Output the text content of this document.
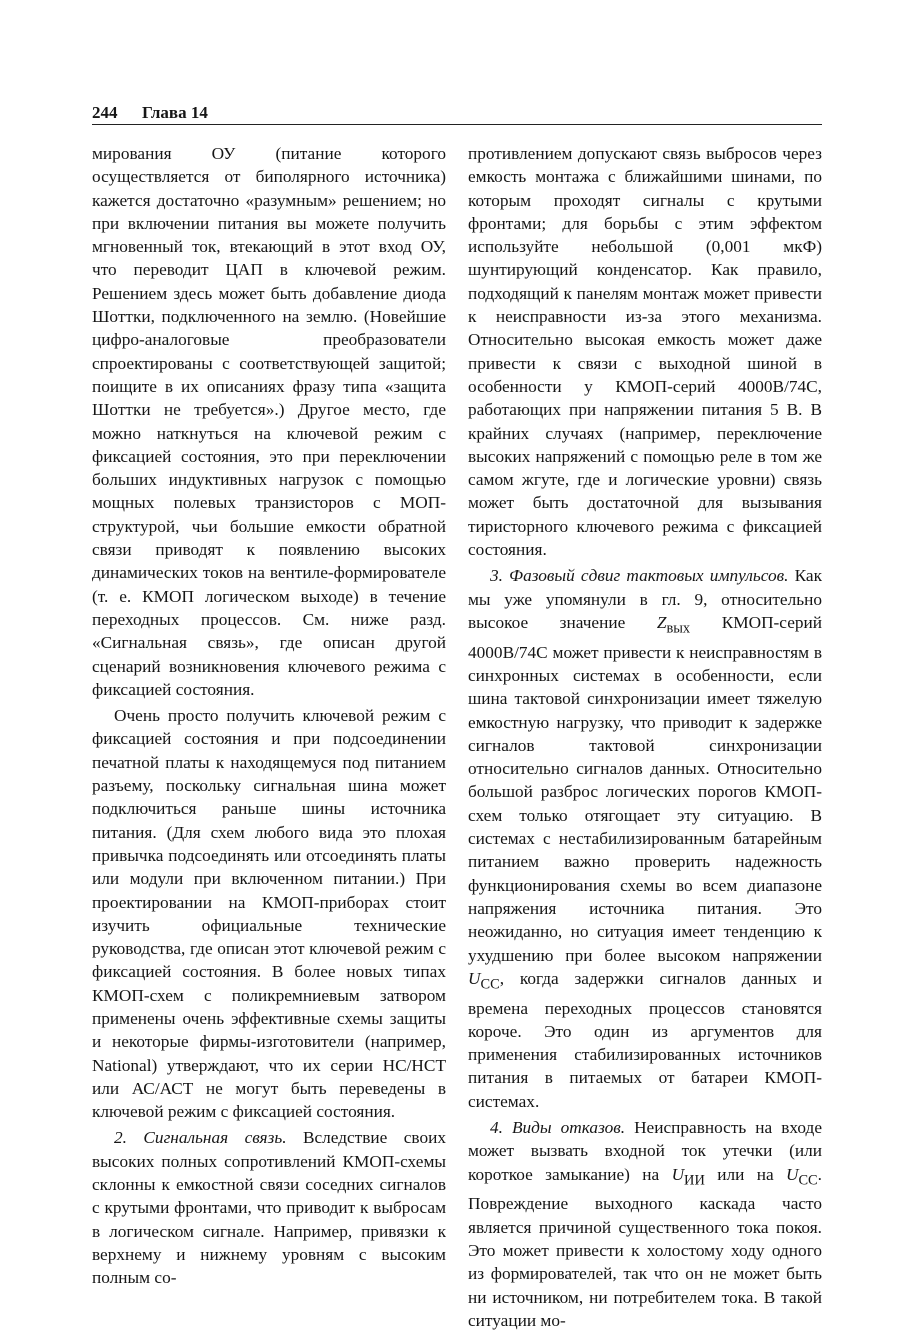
244 Глава 14

мирования ОУ (питание которого осуществляется от биполярного источника) кажется достаточно «разумным» решением; но при включении питания вы можете получить мгновенный ток, втекающий в этот вход ОУ, что переводит ЦАП в ключевой режим. Решением здесь может быть добавление диода Шоттки, подключенного на землю. (Новейшие цифро-аналоговые преобразователи спроектированы с соответствующей защитой; поищите в их описаниях фразу типа «защита Шоттки не требуется».) Другое место, где можно наткнуться на ключевой режим с фиксацией состояния, это при переключении больших индуктивных нагрузок с помощью мощных полевых транзисторов с МОП-структурой, чьи большие емкости обратной связи приводят к появлению высоких динамических токов на вентиле-формирователе (т. е. КМОП логическом выходе) в течение переходных процессов. См. ниже разд. «Сигнальная связь», где описан другой сценарий возникновения ключевого режима с фиксацией состояния.

Очень просто получить ключевой режим с фиксацией состояния и при подсоединении печатной платы к находящемуся под питанием разъему, поскольку сигнальная шина может подключиться раньше шины источника питания. (Для схем любого вида это плохая привычка подсоединять или отсоединять платы или модули при включенном питании.) При проектировании на КМОП-приборах стоит изучить официальные технические руководства, где описан этот ключевой режим с фиксацией состояния. В более новых типах КМОП-схем с поликремниевым затвором применены очень эффективные схемы защиты и некоторые фирмы-изготовители (например, National) утверждают, что их серии НС/НСТ или АС/АСТ не могут быть переведены в ключевой режим с фиксацией состояния.

2. Сигнальная связь. Вследствие своих высоких полных сопротивлений КМОП-схемы склонны к емкостной связи соседних сигналов с крутыми фронтами, что приводит к выбросам в логическом сигнале. Например, привязки к верхнему и нижнему уровням с высоким полным со-

противлением допускают связь выбросов через емкость монтажа с ближайшими шинами, по которым проходят сигналы с крутыми фронтами; для борьбы с этим эффектом используйте небольшой (0,001 мкФ) шунтирующий конденсатор. Как правило, подходящий к панелям монтаж может привести к неисправности из-за этого механизма. Относительно высокая емкость может даже привести к связи с выходной шиной в особенности у КМОП-серий 4000В/74С, работающих при напряжении питания 5 В. В крайних случаях (например, переключение высоких напряжений с помощью реле в том же самом жгуте, где и логические уровни) связь может быть достаточной для вызывания тиристорного ключевого режима с фиксацией состояния.

3. Фазовый сдвиг тактовых импульсов. Как мы уже упомянули в гл. 9, относительно высокое значение $Z_{вых}$ КМОП-серий 4000В/74С может привести к неисправностям в синхронных системах в особенности, если шина тактовой синхронизации имеет тяжелую емкостную нагрузку, что приводит к задержке сигналов тактовой синхронизации относительно сигналов данных. Относительно большой разброс логических порогов КМОП-схем только отягощает эту ситуацию. В системах с нестабилизированным батарейным питанием важно проверить надежность функционирования схемы во всем диапазоне напряжения источника питания. Это неожиданно, но ситуация имеет тенденцию к ухудшению при более высоком напряжении $U_{CC}$, когда задержки сигналов данных и времена переходных процессов становятся короче. Это один из аргументов для применения стабилизированных источников питания в питаемых от батареи КМОП-системах.

4. Виды отказов. Неисправность на входе может вызвать входной ток утечки (или короткое замыкание) на $U_{ИИ}$ или на $U_{CC}$. Повреждение выходного каскада часто является причиной существенного тока покоя. Это может привести к холостому ходу одного из формирователей, так что он не может быть ни источником, ни потребителем тока. В такой ситуации мо-
